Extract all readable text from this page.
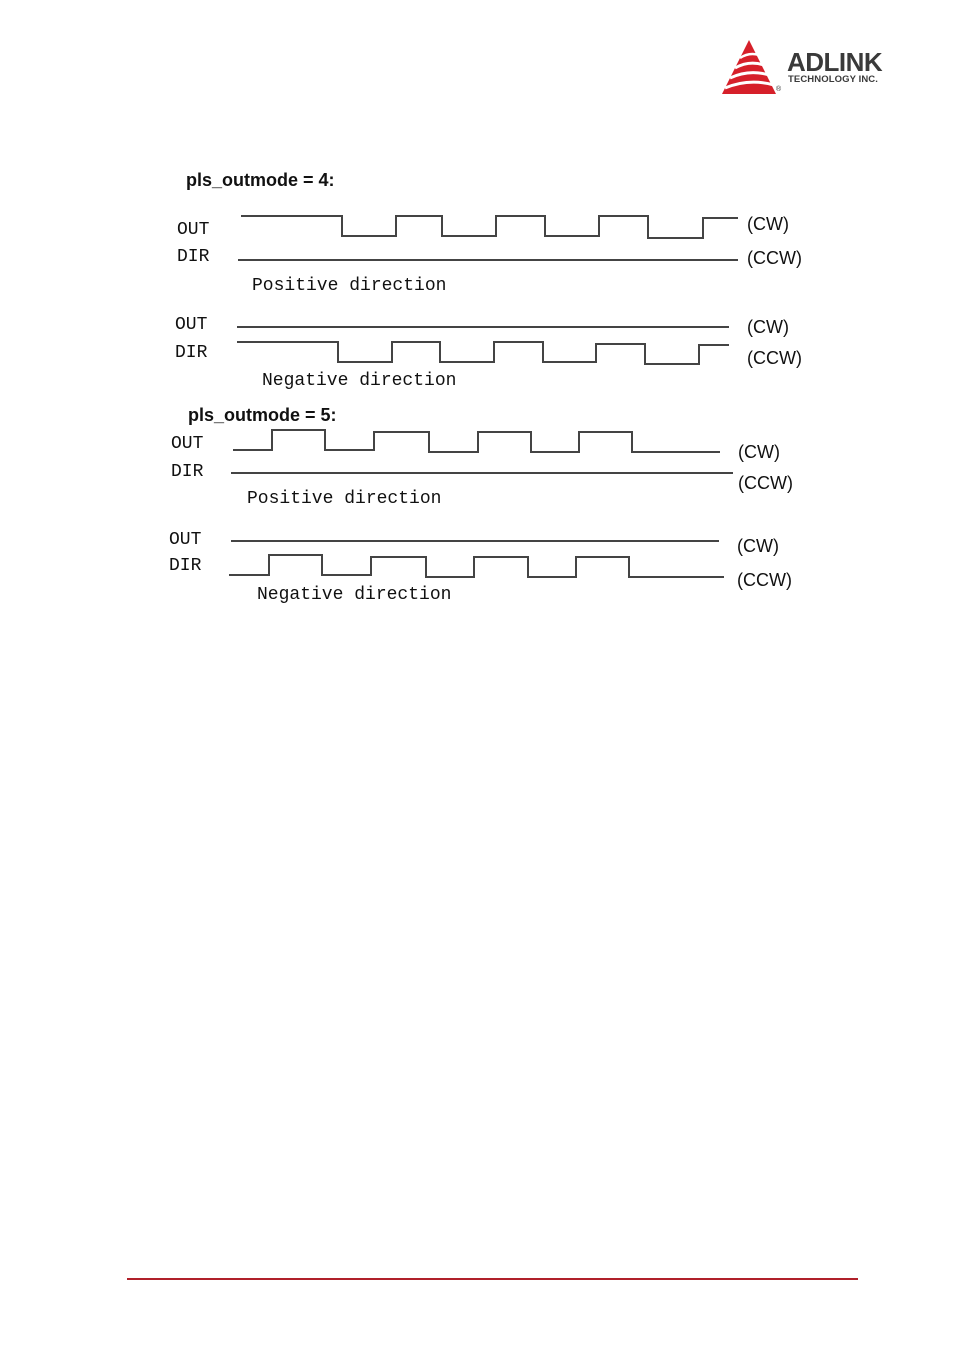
ADLINK
TECHNOLOGY INC.
®
pls_outmode = 4:
OUT
DIR
(CW)
(CCW)
Positive direction
OUT
DIR
(CW)
(CCW)
Negative direction
pls_outmode = 5:
OUT
DIR
(CW)
(CCW)
Positive direction
OUT
DIR
(CW)
(CCW)
Negative direction
